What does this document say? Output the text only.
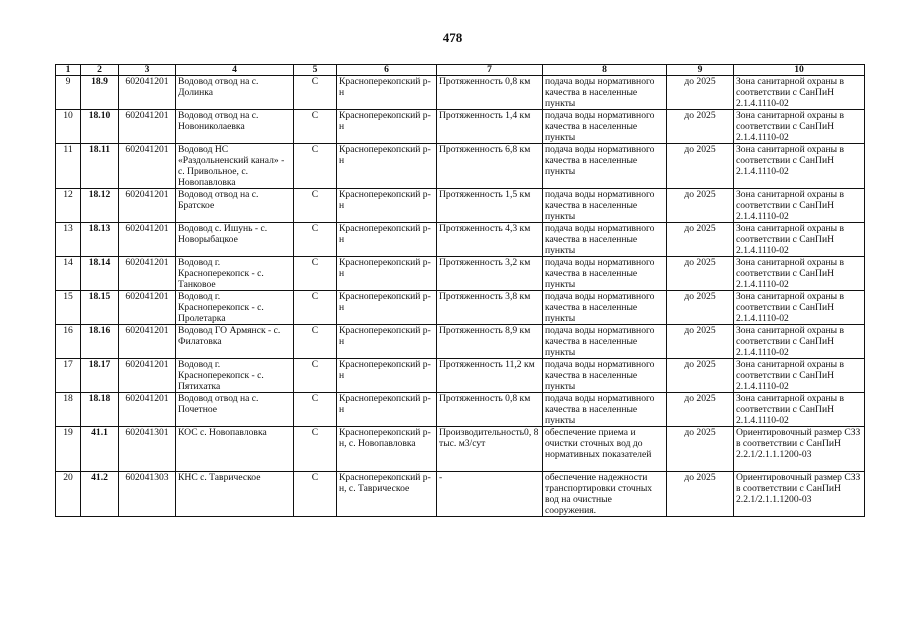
478
1	2	3	4	5	6	7	8	9	10
9	18.9	602041201	Водовод отвод на с. Долинка	С	Красноперекопский р-н	Протяженность 0,8 км	подача воды нормативного качества в населенные пункты	до 2025	Зона санитарной охраны в соответствии с СанПиН 2.1.4.1110-02
10	18.10	602041201	Водовод отвод на с. Новониколаевка	С	Красноперекопский р-н	Протяженность 1,4 км	подача воды нормативного качества в населенные пункты	до 2025	Зона санитарной охраны в соответствии с СанПиН 2.1.4.1110-02
11	18.11	602041201	Водовод НС «Раздольненский канал» - с. Привольное, с. Новопавловка	С	Красноперекопский р-н	Протяженность 6,8 км	подача воды нормативного качества в населенные пункты	до 2025	Зона санитарной охраны в соответствии с СанПиН 2.1.4.1110-02
12	18.12	602041201	Водовод отвод на с. Братское	С	Красноперекопский р-н	Протяженность 1,5 км	подача воды нормативного качества в населенные пункты	до 2025	Зона санитарной охраны в соответствии с СанПиН 2.1.4.1110-02
13	18.13	602041201	Водовод с. Ишунь - с. Новорыбацкое	С	Красноперекопский р-н	Протяженность 4,3 км	подача воды нормативного качества в населенные пункты	до 2025	Зона санитарной охраны в соответствии с СанПиН 2.1.4.1110-02
14	18.14	602041201	Водовод г. Красноперекопск - с. Танковое	С	Красноперекопский р-н	Протяженность 3,2 км	подача воды нормативного качества в населенные пункты	до 2025	Зона санитарной охраны в соответствии с СанПиН 2.1.4.1110-02
15	18.15	602041201	Водовод г. Красноперекопск - с. Пролетарка	С	Красноперекопский р-н	Протяженность 3,8 км	подача воды нормативного качества в населенные пункты	до 2025	Зона санитарной охраны в соответствии с СанПиН 2.1.4.1110-02
16	18.16	602041201	Водовод ГО Армянск - с. Филатовка	С	Красноперекопский р-н	Протяженность 8,9 км	подача воды нормативного качества в населенные пункты	до 2025	Зона санитарной охраны в соответствии с СанПиН 2.1.4.1110-02
17	18.17	602041201	Водовод г. Красноперекопск - с. Пятихатка	С	Красноперекопский р-н	Протяженность 11,2 км	подача воды нормативного качества в населенные пункты	до 2025	Зона санитарной охраны в соответствии с СанПиН 2.1.4.1110-02
18	18.18	602041201	Водовод отвод на с. Почетное	С	Красноперекопский р-н	Протяженность 0,8 км	подача воды нормативного качества в населенные пункты	до 2025	Зона санитарной охраны в соответствии с СанПиН 2.1.4.1110-02
19	41.1	602041301	КОС с. Новопавловка	С	Красноперекопский р-н, с. Новопавловка	Производительность0, 8 тыс. м3/сут	обеспечение приема и очистки сточных вод до нормативных показателей	до 2025	Ориентировочный размер СЗЗ в соответствии с СанПиН 2.2.1/2.1.1.1200-03
20	41.2	602041303	КНС с. Таврическое	С	Красноперекопский р-н, с. Таврическое	-	обеспечение надежности транспортировки сточных вод на очистные сооружения.	до 2025	Ориентировочный размер СЗЗ в соответствии с СанПиН 2.2.1/2.1.1.1200-03
